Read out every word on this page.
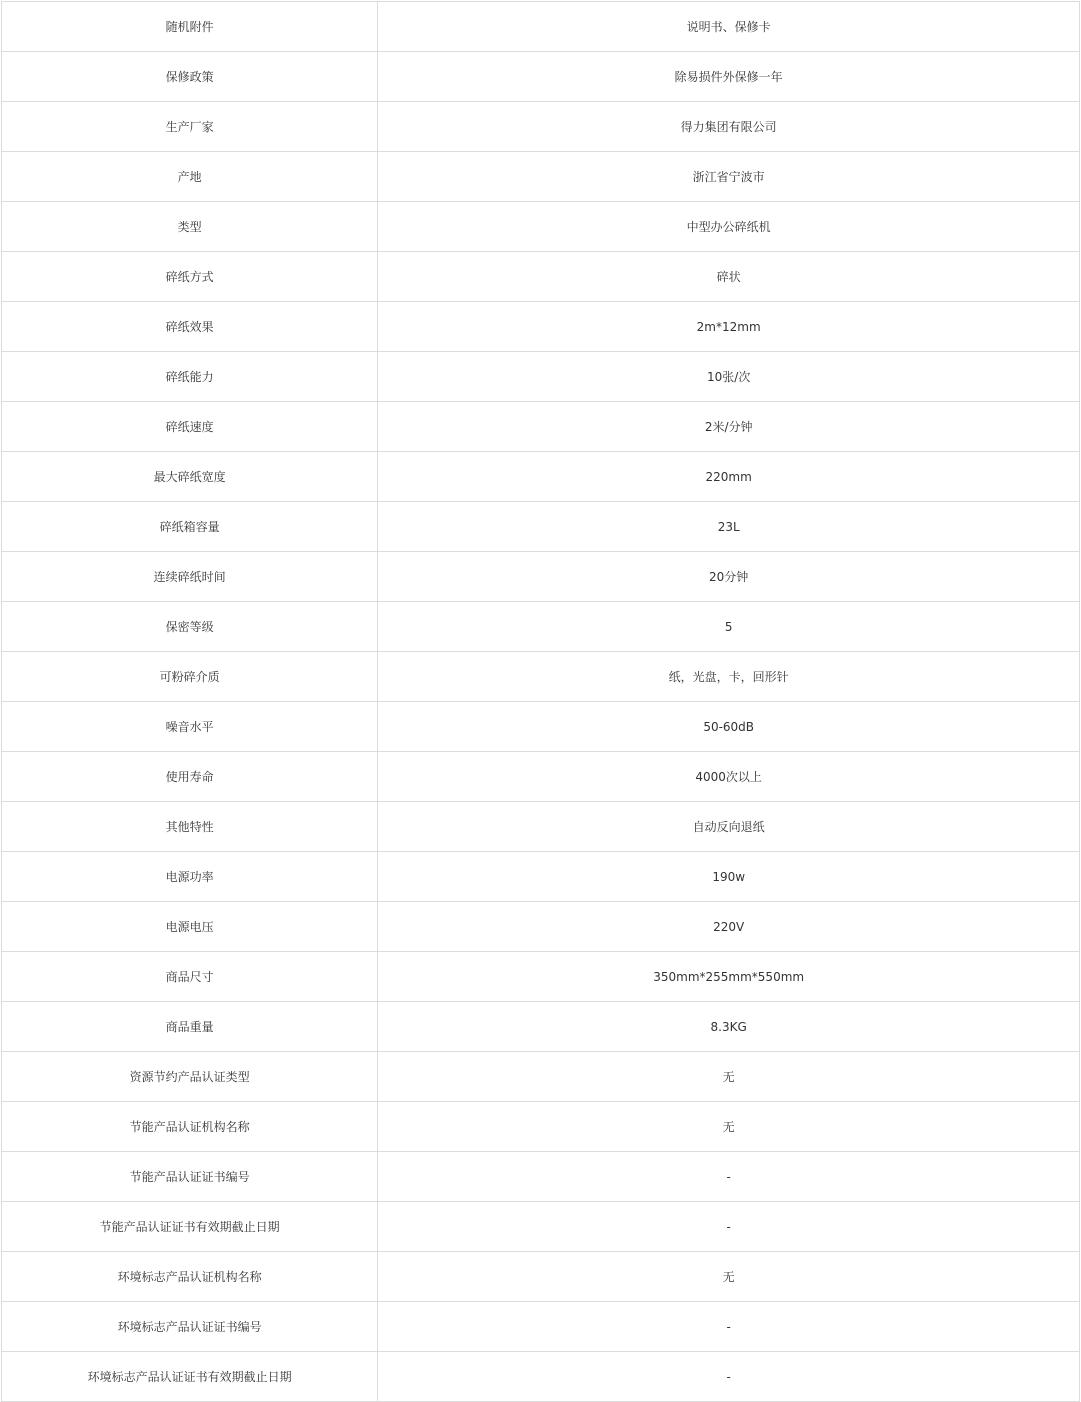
随机附件	说明书、保修卡
保修政策	除易损件外保修一年
生产厂家	得力集团有限公司
产地	浙江省宁波市
类型	中型办公碎纸机
碎纸方式	碎状
碎纸效果	2m*12mm
碎纸能力	10张/次
碎纸速度	2米/分钟
最大碎纸宽度	220mm
碎纸箱容量	23L
连续碎纸时间	20分钟
保密等级	5
可粉碎介质	纸，光盘，卡，回形针
噪音水平	50-60dB
使用寿命	4000次以上
其他特性	自动反向退纸
电源功率	190w
电源电压	220V
商品尺寸	350mm*255mm*550mm
商品重量	8.3KG
资源节约产品认证类型	无
节能产品认证机构名称	无
节能产品认证证书编号	-
节能产品认证证书有效期截止日期	-
环境标志产品认证机构名称	无
环境标志产品认证证书编号	-
环境标志产品认证证书有效期截止日期	-
